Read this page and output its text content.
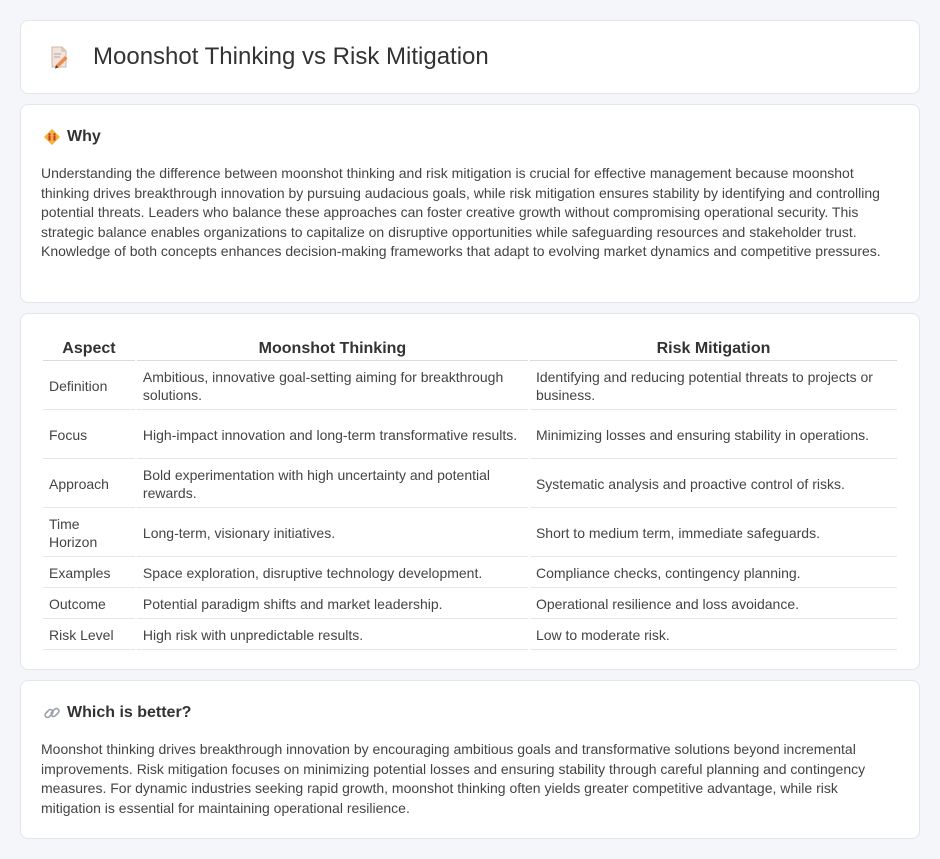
Moonshot Thinking vs Risk Mitigation
Why

Understanding the difference between moonshot thinking and risk mitigation is crucial for effective management because moonshot thinking drives breakthrough innovation by pursuing audacious goals, while risk mitigation ensures stability by identifying and controlling potential threats. Leaders who balance these approaches can foster creative growth without compromising operational security. This strategic balance enables organizations to capitalize on disruptive opportunities while safeguarding resources and stakeholder trust. Knowledge of both concepts enhances decision-making frameworks that adapt to evolving market dynamics and competitive pressures.

Aspect	Moonshot Thinking	Risk Mitigation
Definition	Ambitious, innovative goal-setting aiming for breakthrough solutions.	Identifying and reducing potential threats to projects or business.
Focus	High-impact innovation and long-term transformative results.	Minimizing losses and ensuring stability in operations.
Approach	Bold experimentation with high uncertainty and potential rewards.	Systematic analysis and proactive control of risks.
Time Horizon	Long-term, visionary initiatives.	Short to medium term, immediate safeguards.
Examples	Space exploration, disruptive technology development.	Compliance checks, contingency planning.
Outcome	Potential paradigm shifts and market leadership.	Operational resilience and loss avoidance.
Risk Level	High risk with unpredictable results.	Low to moderate risk.
Which is better?

Moonshot thinking drives breakthrough innovation by encouraging ambitious goals and transformative solutions beyond incremental improvements. Risk mitigation focuses on minimizing potential losses and ensuring stability through careful planning and contingency measures. For dynamic industries seeking rapid growth, moonshot thinking often yields greater competitive advantage, while risk mitigation is essential for maintaining operational resilience.
